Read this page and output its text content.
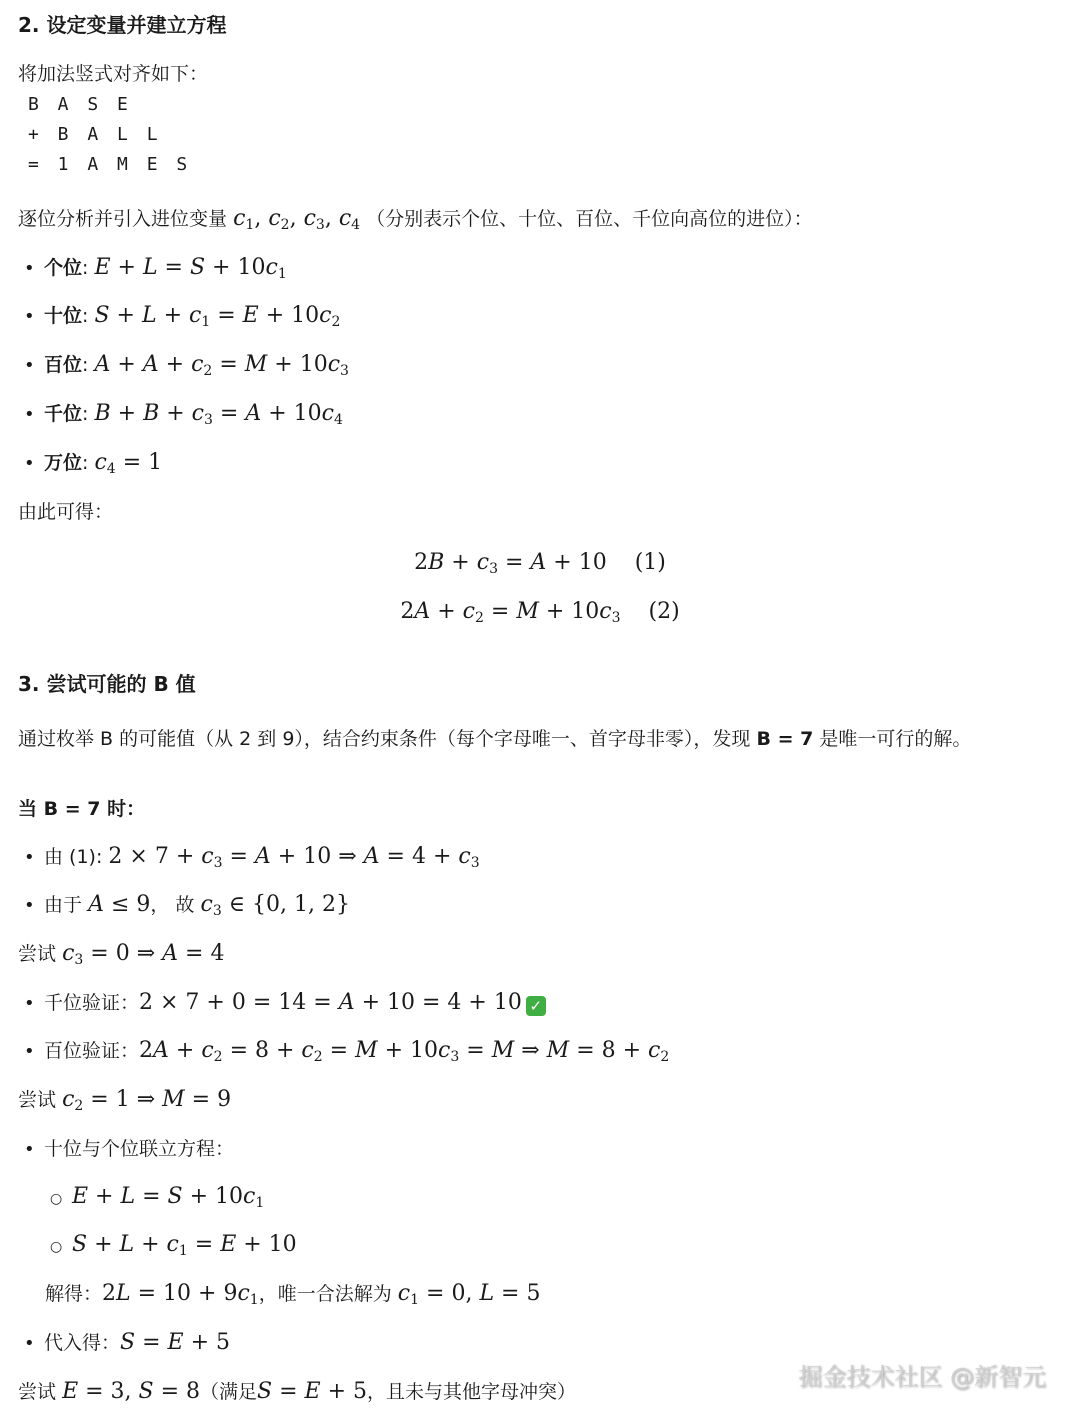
2. 设定变量并建立方程
将加法竖式对齐如下：
B A S E
+ B A L L
= 1 A M E S
逐位分析并引入进位变量 $c_1$, $c_2$, $c_3$, $c_4$ （分别表示个位、十位、百位、千位向高位的进位）：
• 个位: $E + L = S + 10c_1$
• 十位: $S + L + c_1 = E + 10c_2$
• 百位: $A + A + c_2 = M + 10c_3$
• 千位: $B + B + c_3 = A + 10c_4$
• 万位: $c_4 = 1$
由此可得：
$2B + c_3 = A + 10$    (1)
$2A + c_2 = M + 10c_3$ (2)
3. 尝试可能的 B 值
通过枚举 B 的可能值（从 2 到 9），结合约束条件（每个字母唯一、首字母非零），发现 B = 7 是唯一可行的解。
当 B = 7 时：
• 由 (1): $2 \times 7 + c_3 = A + 10$ ⇒ $A = 4 + c_3$
• 由于 A ≤ 9， 故 $c_3$ ∈ {0, 1, 2}
尝试 $c_3 = 0$ ⇒ A = 4
• 千位验证：2 × 7 + 0 = 14 = A + 10 = 4 + 10 ✓
• 百位验证：$2A + c_2 = 8 + c_2 = M + 10c_3 = M$ ⇒ $M = 8 + c_2$
尝试 $c_2 = 1$ ⇒ M = 9
• 十位与个位联立方程：
○ $E + L = S + 10c_1$
○ $S + L + c_1 = E + 10$
解得：$2L = 10 + 9c_1$，唯一合法解为 $c_1 = 0$, L = 5
• 代入得：S = E + 5
尝试 E = 3, S = 8（满足S = E + 5，且未与其他字母冲突）
掘金技术社区 @新智元
